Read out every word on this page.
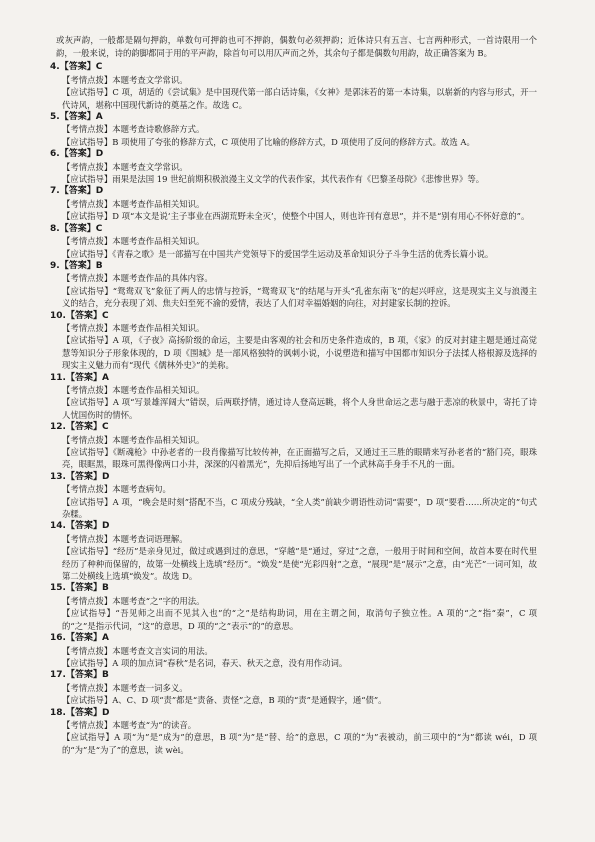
或灰声韵，一般都是隔句押韵，单数句可押韵也可不押韵，偶数句必须押韵；近体诗只有五言、七言两种形式，一首诗限用一个韵，一般来说，诗的韵脚都同于用的平声韵，除首句可以用仄声而之外，其余句子都是偶数句用韵，故正确答案为 B。

4.【答案】C

【考情点拨】本题考查文学常识。

【应试指导】C 项，胡适的《尝试集》是中国现代第一部白话诗集，《女神》是郭沫若的第一本诗集，以崭新的内容与形式，开一代诗风，堪称中国现代新诗的奠基之作。故选 C。

5.【答案】A

【考情点拨】本题考查诗歌修辞方式。

【应试指导】B 项使用了夸张的修辞方式，C 项使用了比喻的修辞方式，D 项使用了反问的修辞方式。故选 A。

6.【答案】D

【考情点拨】本题考查文学常识。

【应试指导】雨果是法国 19 世纪前期积极浪漫主义文学的代表作家，其代表作有《巴黎圣母院》《悲惨世界》等。

7.【答案】D

【考情点拨】本题考查作品相关知识。

【应试指导】D 项“本文是说‘主子事业在西湖荒野未全灭’，使整个中国人，则也许刊有意思”，并不是“别有用心不怀好意的”。

8.【答案】C

【考情点拨】本题考查作品相关知识。

【应试指导】《青春之歌》是一部描写在中国共产党领导下的爱国学生运动及革命知识分子斗争生活的优秀长篇小说。

9.【答案】B

【考情点拨】本题考查作品的具体内容。

【应试指导】“鸳鸯双飞”象征了两人的忠情与控诉，“鸳鸯双飞”的结尾与开头“孔雀东南飞”的起兴呼应，这是现实主义与浪漫主义的结合，充分表现了刘、焦夫妇至死不渝的爱情，表达了人们对幸福婚姻的向往，对封建家长制的控诉。

10.【答案】C

【考情点拨】本题考查作品相关知识。

【应试指导】A 项，《子夜》高扬阶级的命运，主要是由客观的社会和历史条件造成的，B 项，《家》的反对封建主题是通过高觉慧等知识分子形象体现的，D 项《围城》是一部风格独特的讽刺小说，小说塑造和描写中国都市知识分子法揉人格根源及选择的现实主义魅力而有“现代《儒林外史》”的美称。

11.【答案】A

【考情点拨】本题考查作品相关知识。

【应试指导】A 项“写景雄浑阔大”错误，后两联抒情，通过诗人登高远眺，将个人身世命运之悲与融于悲凉的秋景中，寄托了诗人忧国伤时的情怀。

12.【答案】C

【考情点拨】本题考查作品相关知识。

【应试指导】《断魂枪》中孙老者的一段肖像描写比较传神，在正面描写之后，又通过王三胜的眼睛来写孙老者的“豁门亮，眼珠亮，眼眶黑，眼珠可黑得像两口小井，深深的闪着黑光”，先抑后扬地写出了一个武林高手身手不凡的一面。

13.【答案】D

【考情点拨】本题考查病句。

【应试指导】A 项，“晚会是时刻”搭配不当，C 项成分残缺，“全人类”前缺少谓语性动词“需要”，D 项“要看……所决定的”句式杂糅。

14.【答案】D

【考情点拨】本题考查词语理解。

【应试指导】“经历”是亲身见过，做过或遇到过的意思，“穿越”是“通过，穿过”之意，一般用于时间和空间，故首本要在时代里经历了种种而保留的，故第一处横线上选填“经历”。“焕发”是使“光彩四射”之意，“展现”是“展示”之意，由“光芒”一词可知，故第二处横线上选填“焕发”。故选 D。

15.【答案】B

【考情点拨】本题考查“之”字的用法。

【应试指导】“吾见师之出而不见其入也”的“之”是结构助词，用在主谓之间，取消句子独立性。A 项的“之”指“秦”，C 项的“之”是指示代词，“这”的意思，D 项的“之”表示“的”的意思。

16.【答案】A

【考情点拨】本题考查文言实词的用法。

【应试指导】A 项的加点词“春秋”是名词，春天、秋天之意，没有用作动词。

17.【答案】B

【考情点拨】本题考查一词多义。

【应试指导】A、C、D 项“责”都是“责备、责怪”之意，B 项的“责”是通假字，通“债”。

18.【答案】D

【考情点拨】本题考查“为”的读音。

【应试指导】A 项“为”是“成为”的意思，B 项“为”是“替、给”的意思，C 项的“为”表被动，前三项中的“为”都读 wéi，D 项的“为”是“为了”的意思，读 wèi。
